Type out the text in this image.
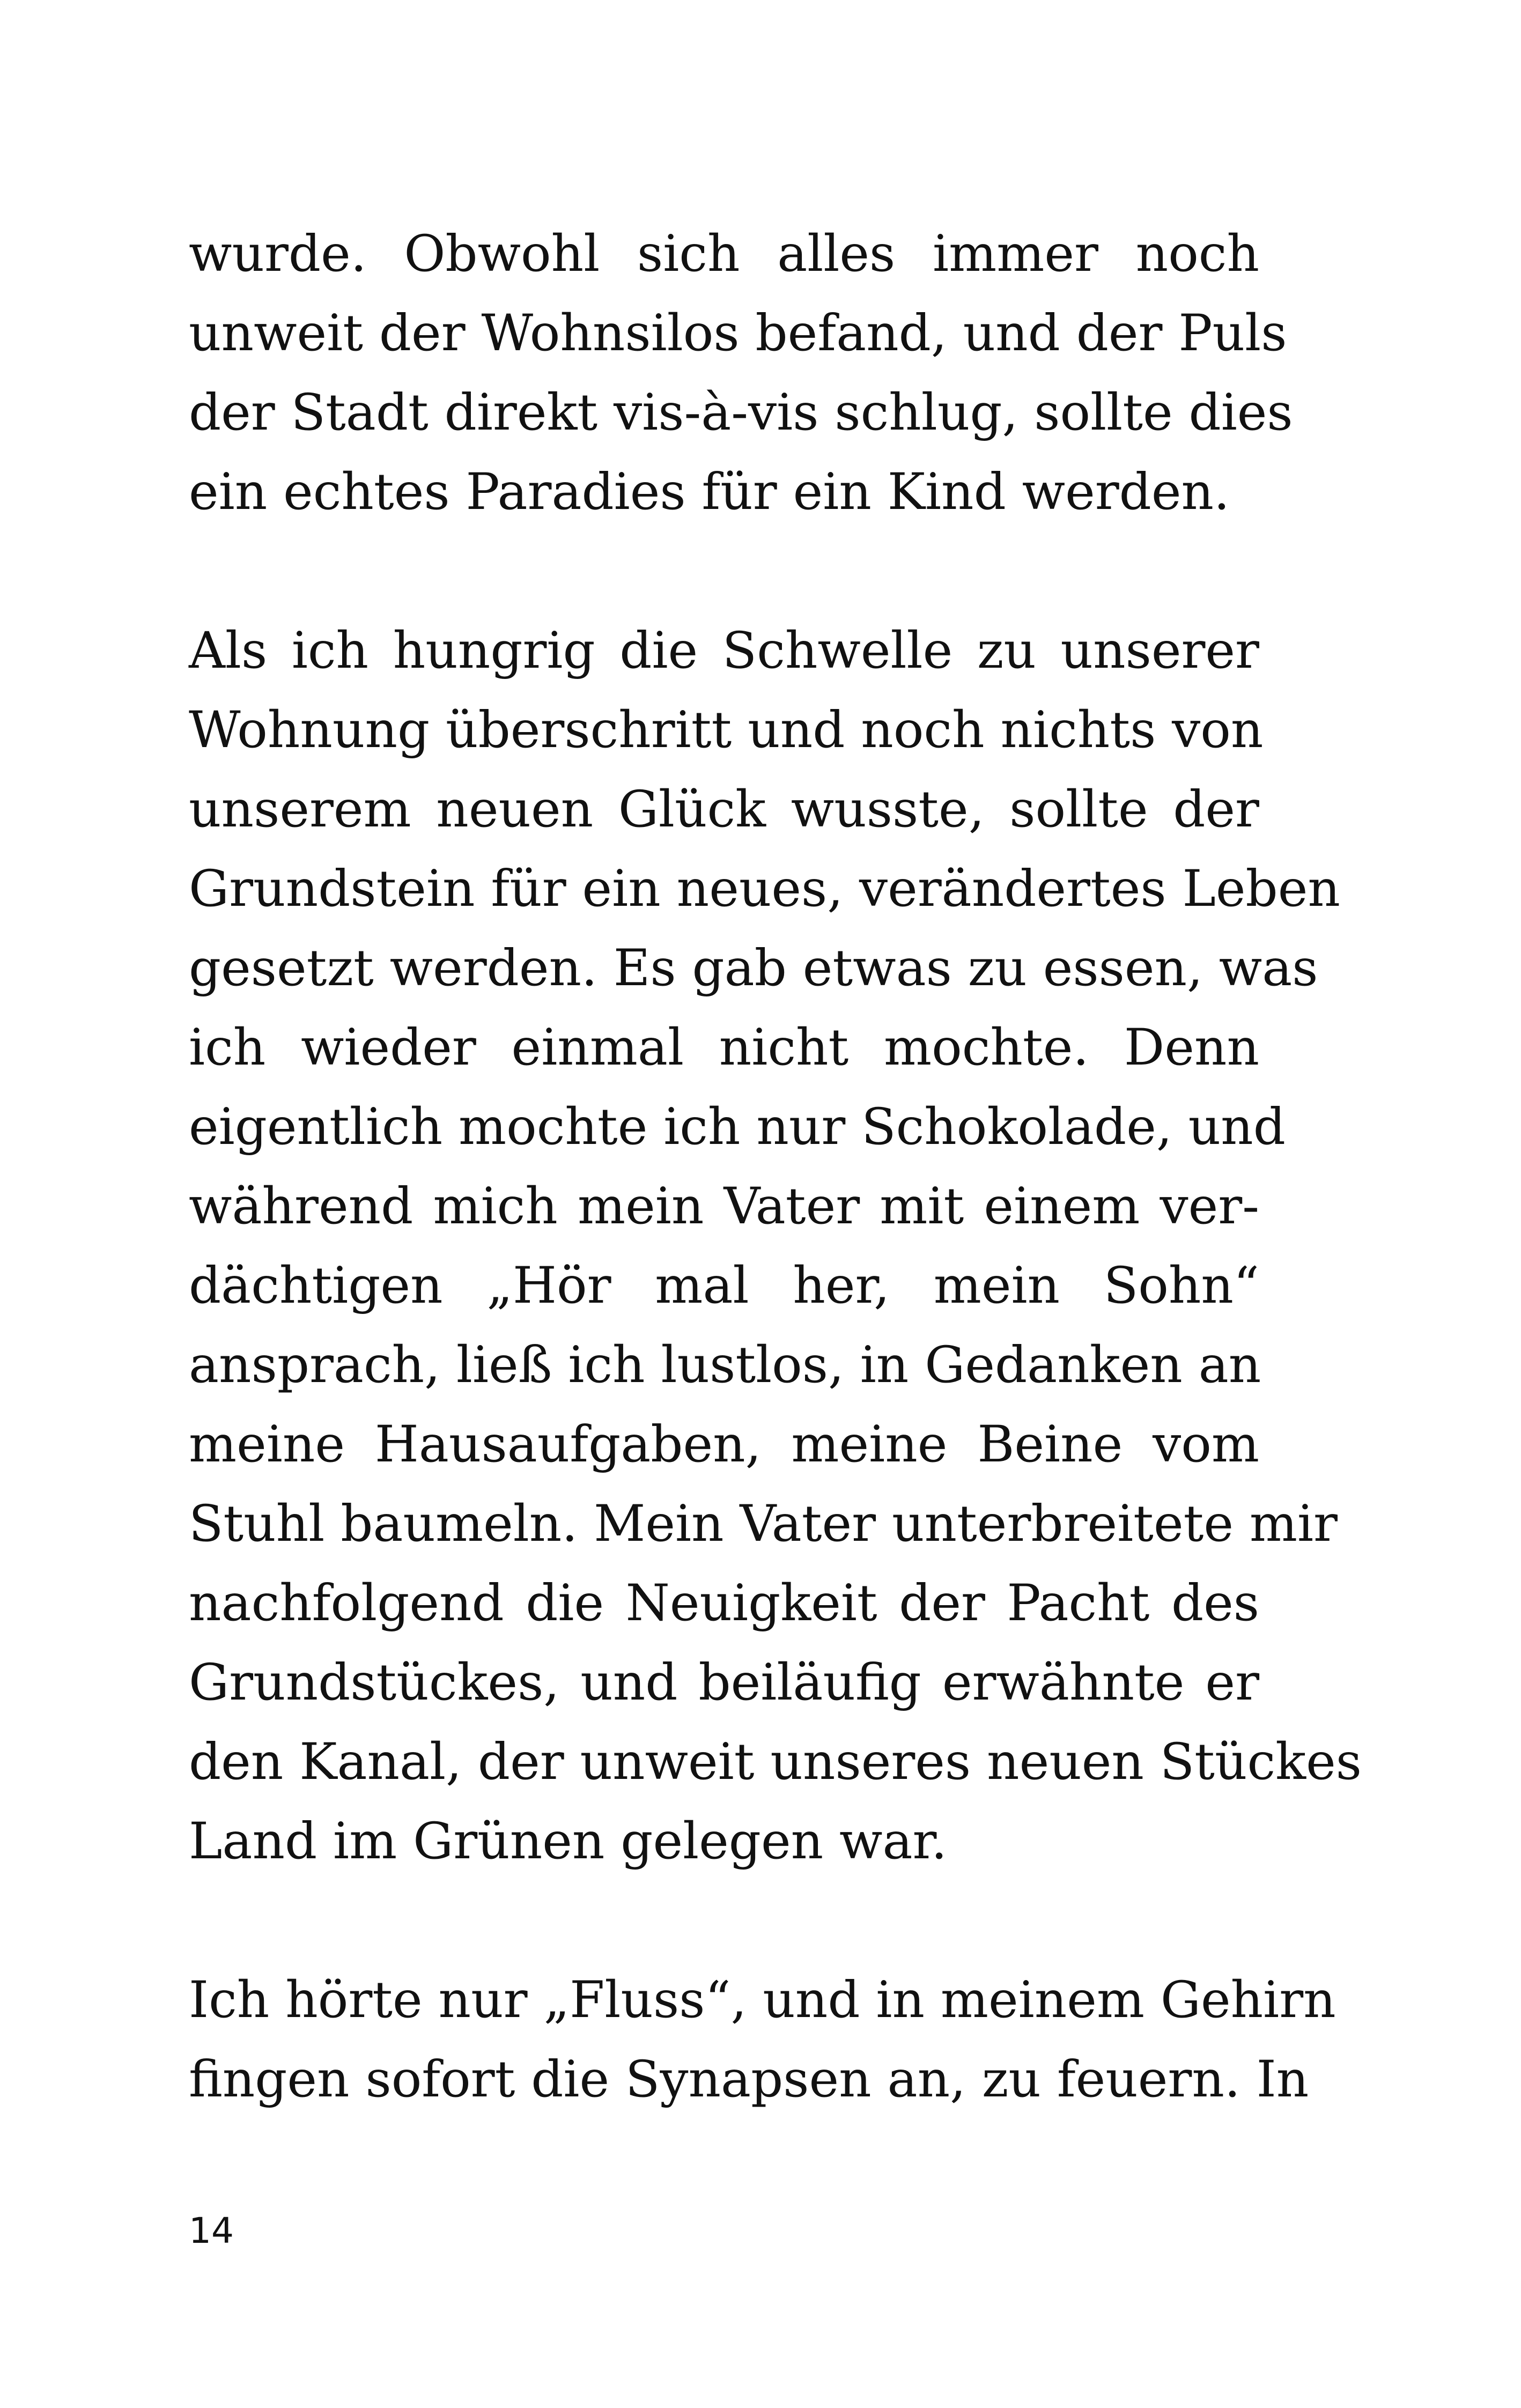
wurde. Obwohl sich alles immer noch
unweit der Wohnsilos befand, und der Puls
der Stadt direkt vis-à-vis schlug, sollte dies
ein echtes Paradies für ein Kind werden.

Als ich hungrig die Schwelle zu unserer
Wohnung überschritt und noch nichts von
unserem neuen Glück wusste, sollte der
Grundstein für ein neues, verändertes Leben
gesetzt werden. Es gab etwas zu essen, was
ich wieder einmal nicht mochte. Denn
eigentlich mochte ich nur Schokolade, und
während mich mein Vater mit einem ver-
dächtigen „Hör mal her, mein Sohn“
ansprach, ließ ich lustlos, in Gedanken an
meine Hausaufgaben, meine Beine vom
Stuhl baumeln. Mein Vater unterbreitete mir
nachfolgend die Neuigkeit der Pacht des
Grundstückes, und beiläufig erwähnte er
den Kanal, der unweit unseres neuen Stückes
Land im Grünen gelegen war.

Ich hörte nur „Fluss“, und in meinem Gehirn
fingen sofort die Synapsen an, zu feuern. In

14
